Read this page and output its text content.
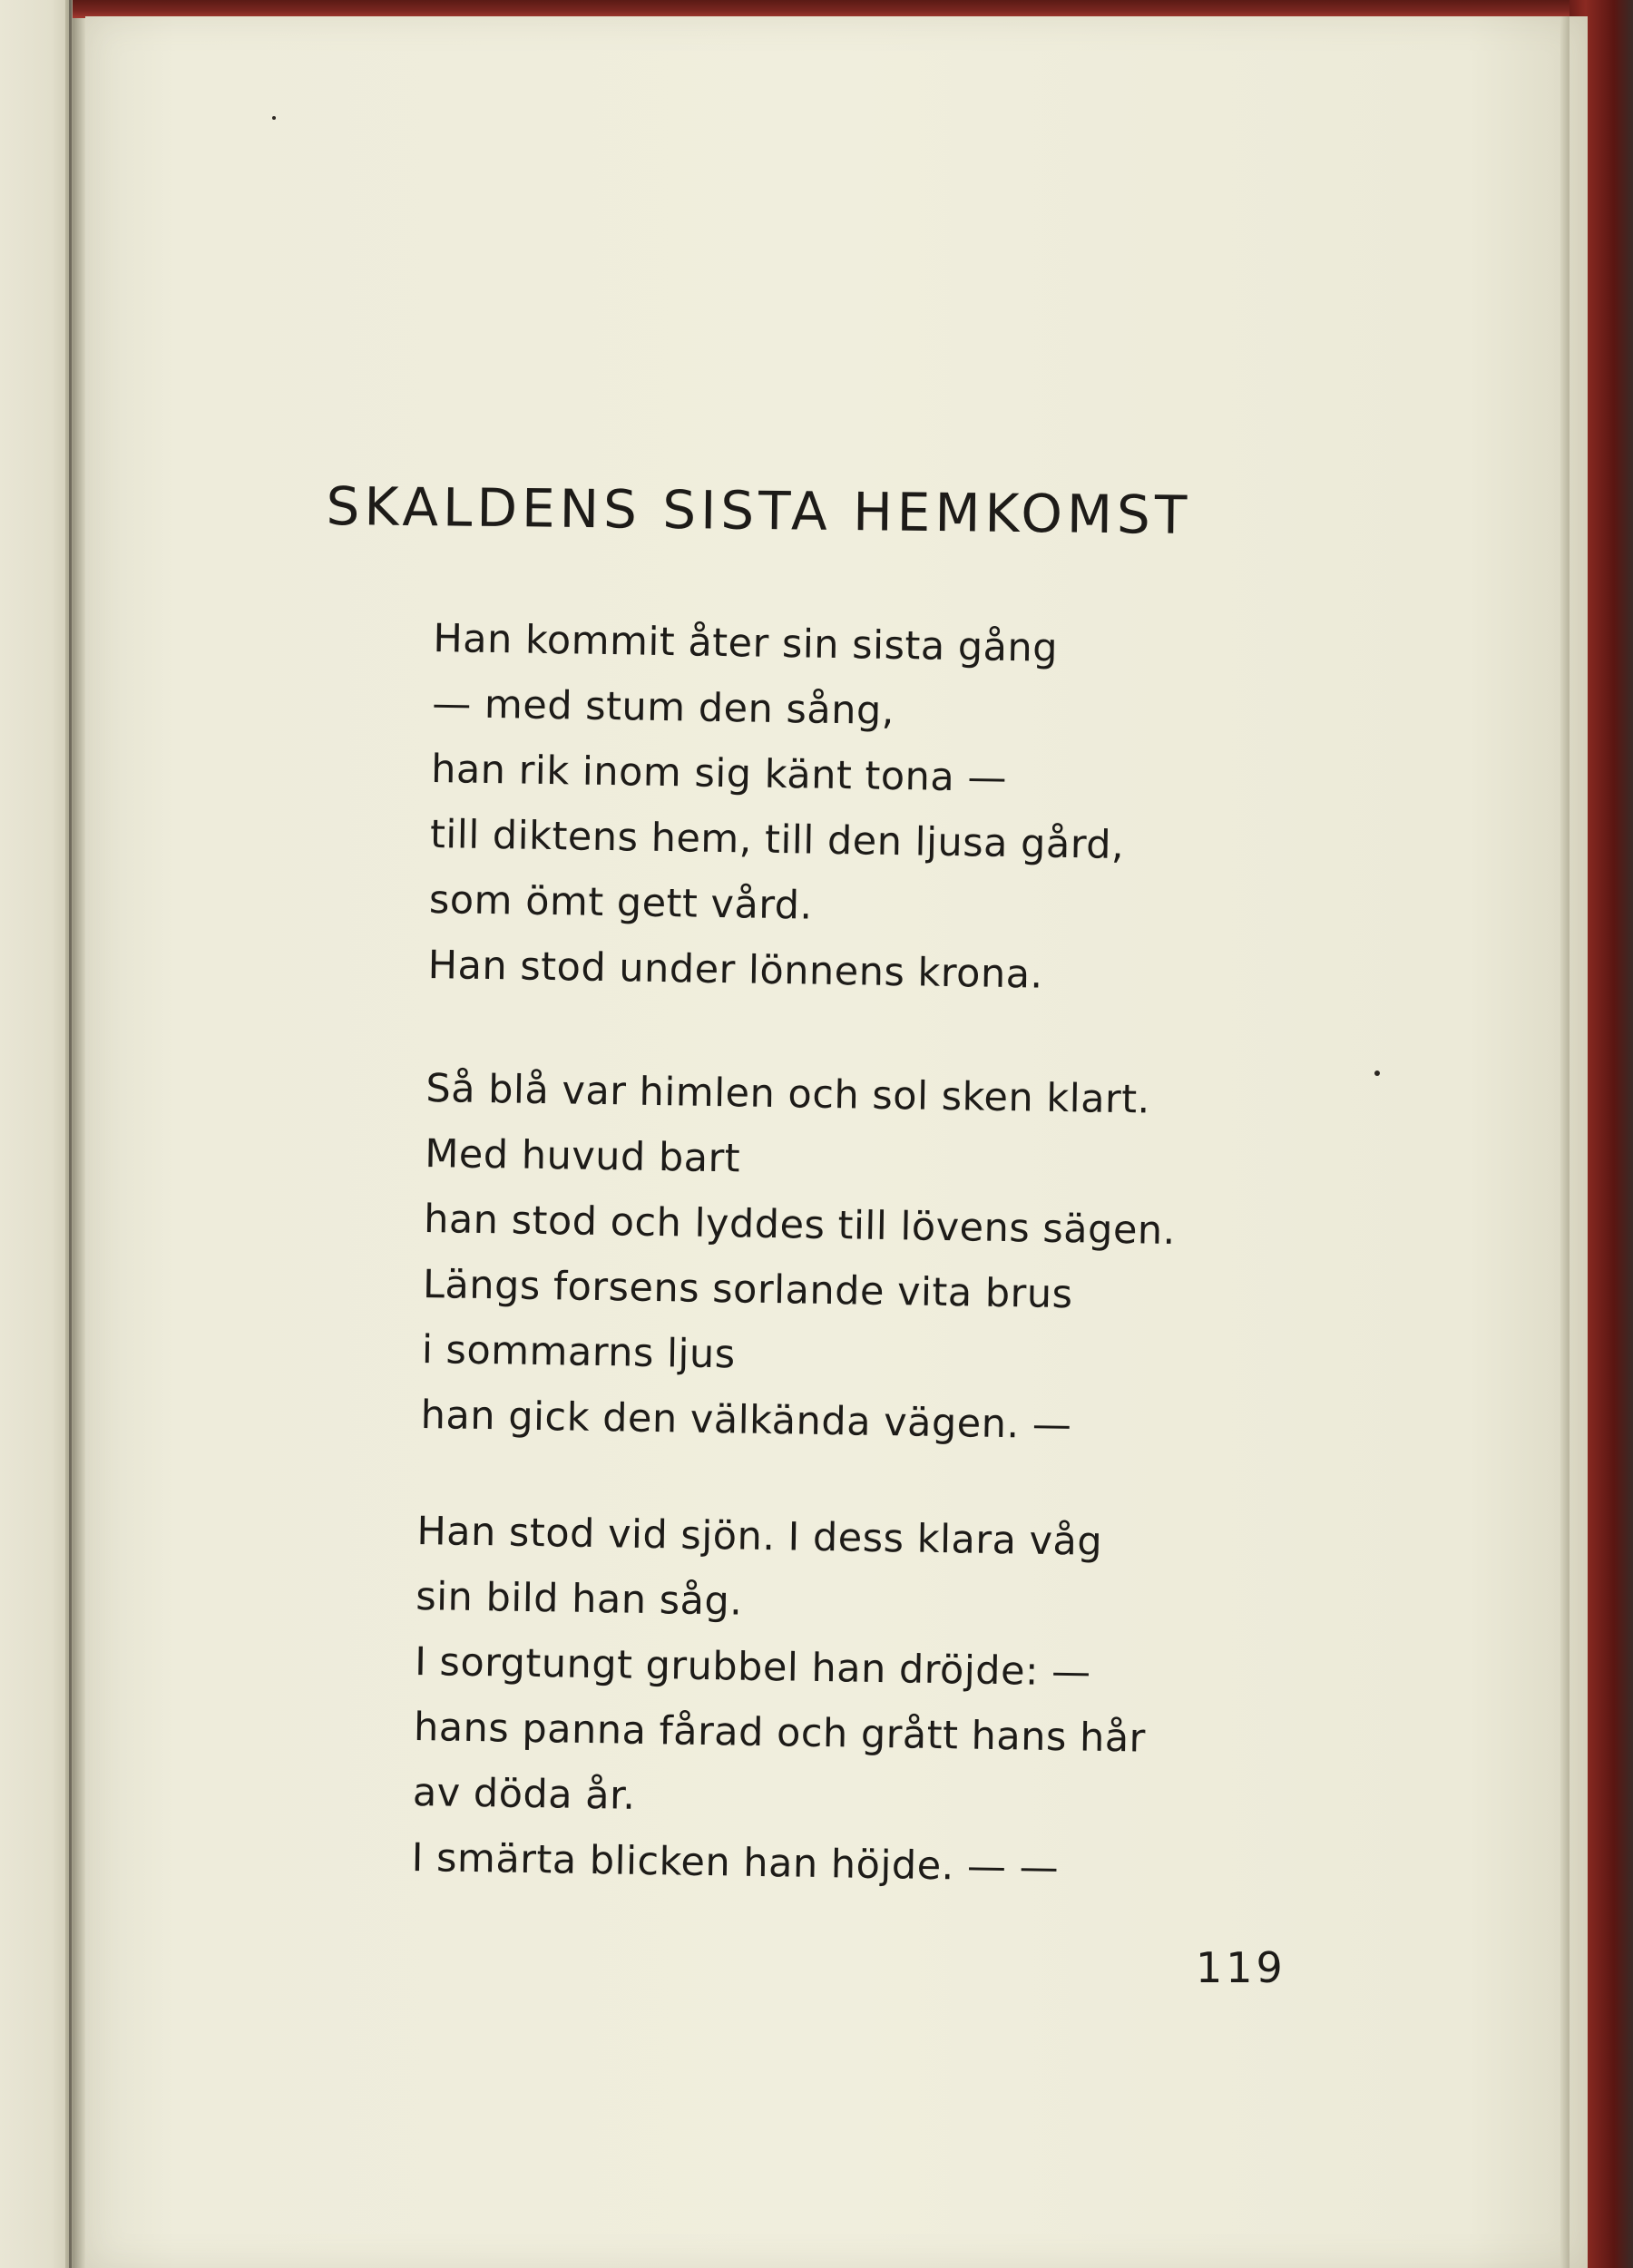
SKALDENS SISTA HEMKOMST
Han kommit åter sin sista gång
— med stum den sång,
han rik inom sig känt tona —
till diktens hem, till den ljusa gård,
som ömt gett vård.
Han stod under lönnens krona.
Så blå var himlen och sol sken klart.
Med huvud bart
han stod och lyddes till lövens sägen.
Längs forsens sorlande vita brus
i sommarns ljus
han gick den välkända vägen. —
Han stod vid sjön. I dess klara våg
sin bild han såg.
I sorgtungt grubbel han dröjde: —
hans panna fårad och grått hans hår
av döda år.
I smärta blicken han höjde. — —
119
